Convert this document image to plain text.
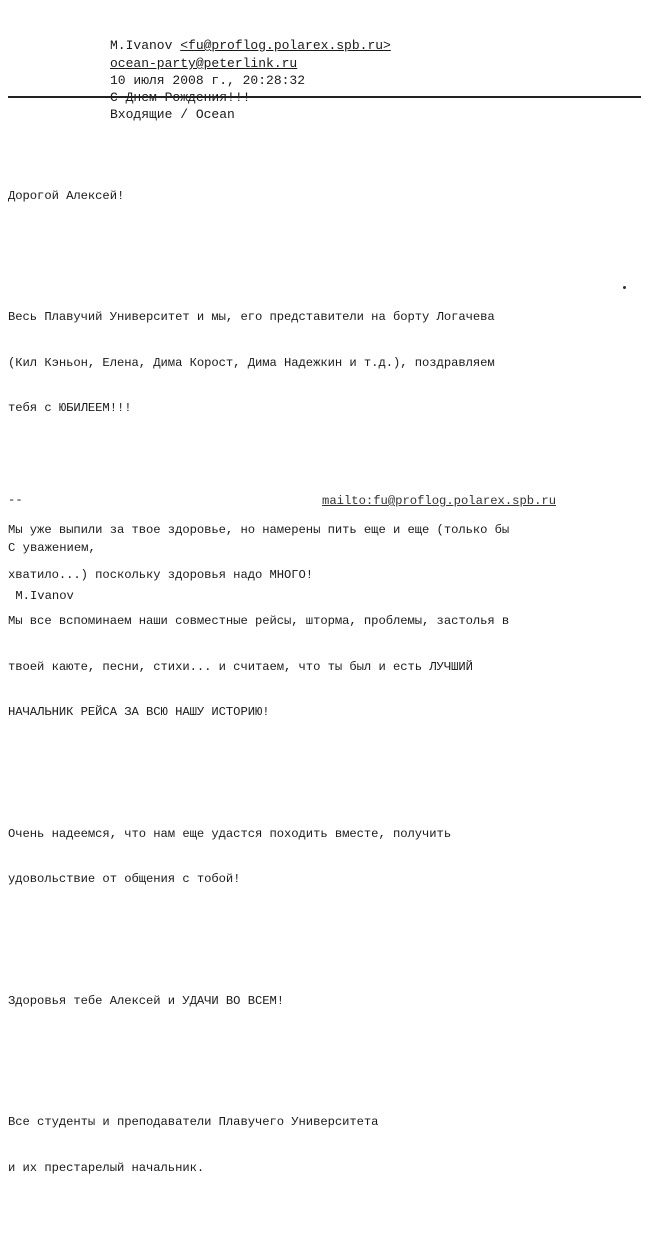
M.Ivanov <fu@proflog.polarex.spb.ru>

ocean-party@peterlink.ru

10 июля 2008 г., 20:28:32

С Днем Рождения!!!

Входящие / Ocean

Дорогой Алексей!

Весь Плавучий Университет и мы, его представители на борту Логачева

(Кил Кэньон, Елена, Дима Корост, Дима Надежкин и т.д.), поздравляем

тебя с ЮБИЛЕЕМ!!!

Мы уже выпили за твое здоровье, но намерены пить еще и еще (только бы

хватило...) поскольку здоровья надо МНОГО!

Мы все вспоминаем наши совместные рейсы, шторма, проблемы, застолья в

твоей каюте, песни, стихи... и считаем, что ты был и есть ЛУЧШИЙ

НАЧАЛЬНИК РЕЙСА ЗА ВСЮ НАШУ ИСТОРИЮ!

Очень надеемся, что нам еще удастся походить вместе, получить

удовольствие от общения с тобой!

Здоровья тебе Алексей и УДАЧИ ВО ВСЕМ!

Все студенты и преподаватели Плавучего Университета

и их престарелый начальник.

--

С уважением,

M.Ivanov

mailto:fu@proflog.polarex.spb.ru
